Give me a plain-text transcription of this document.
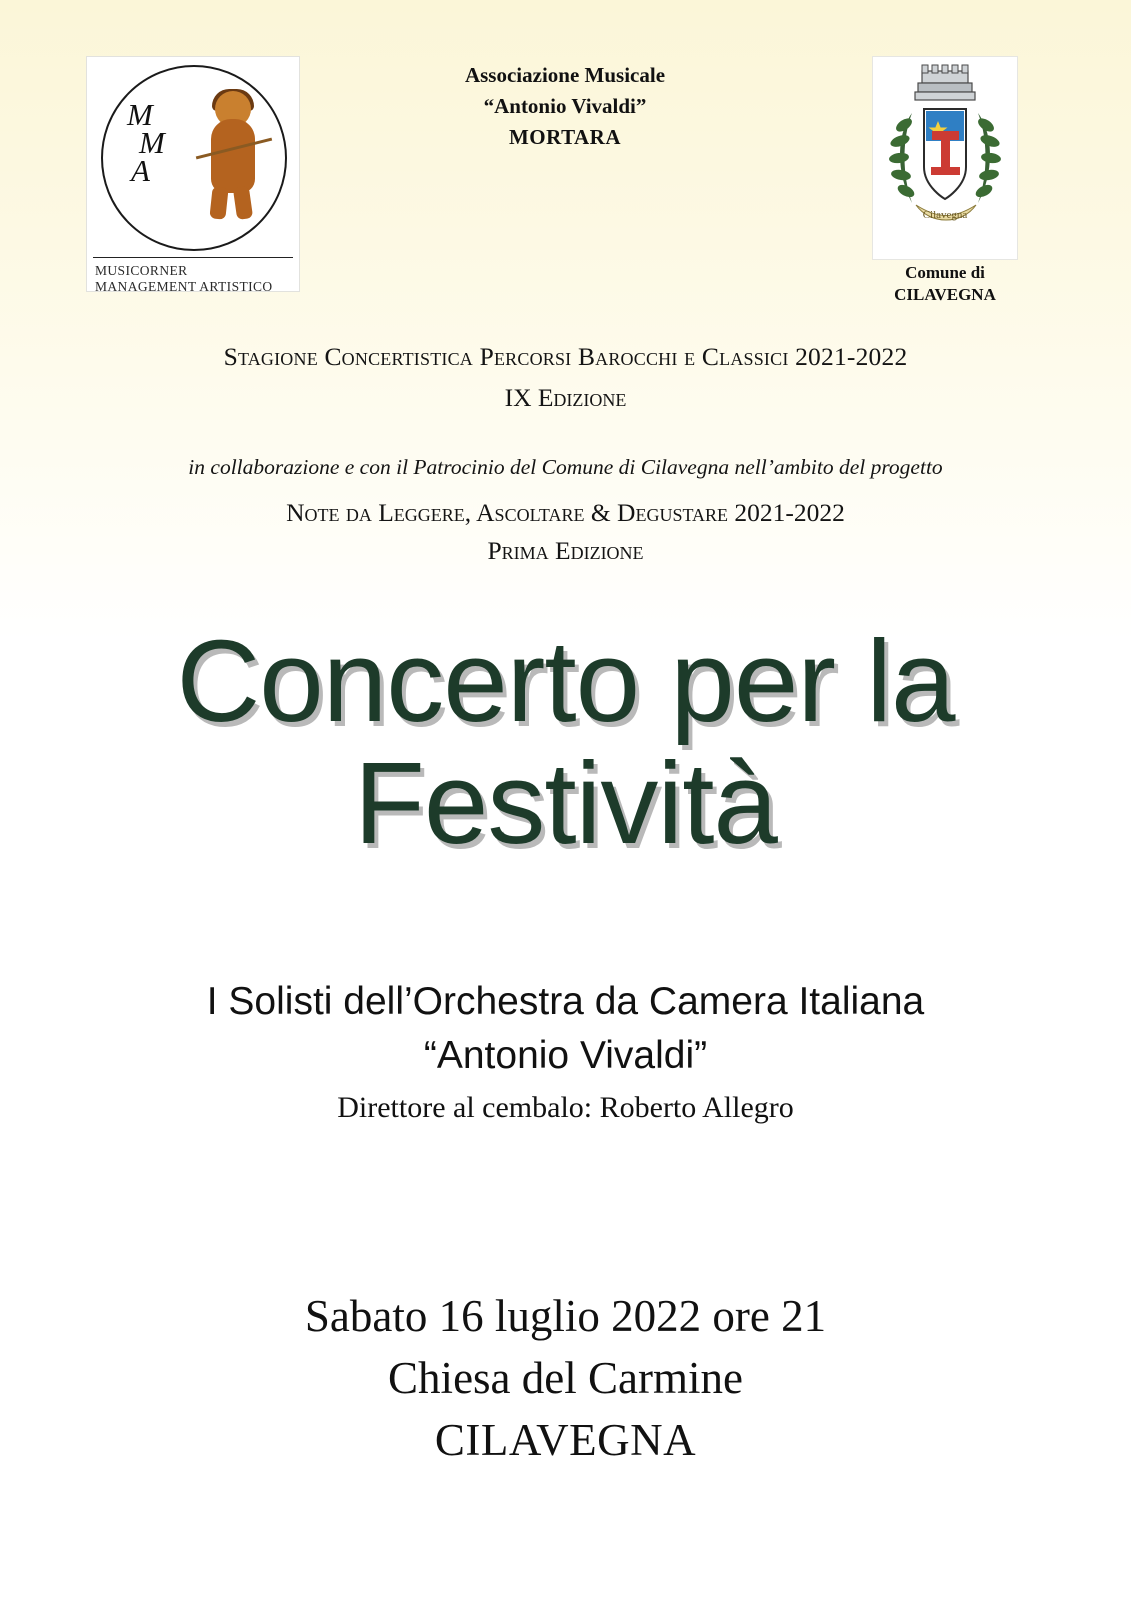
M
M
A
MUSICORNER
MANAGEMENT ARTISTICO
Associazione Musicale
“Antonio Vivaldi”
MORTARA
Cilavegna
Comune di
CILAVEGNA
Stagione Concertistica Percorsi Barocchi e Classici 2021-2022
IX Edizione
in collaborazione e con il Patrocinio del Comune di Cilavegna nell’ambito del progetto
Note da Leggere, Ascoltare & Degustare 2021-2022
Prima Edizione
Concerto per la
Festività
I Solisti dell’Orchestra da Camera Italiana
“Antonio Vivaldi”
Direttore al cembalo: Roberto Allegro
Sabato 16 luglio 2022 ore 21
Chiesa del Carmine
CILAVEGNA
